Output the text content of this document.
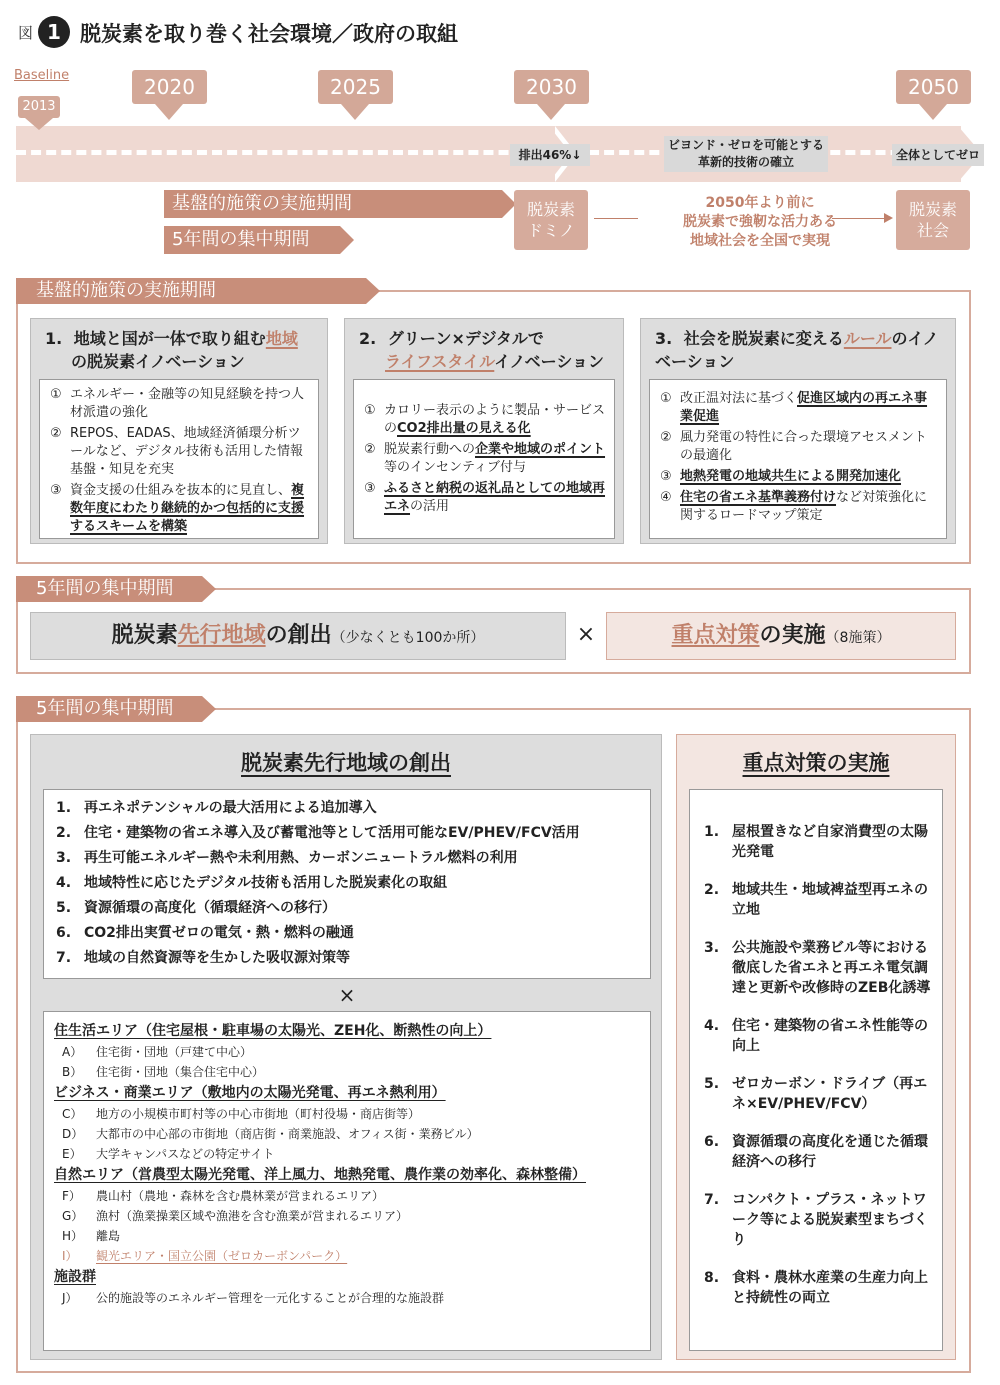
図 1 脱炭素を取り巻く社会環境／政府の取組
Baseline
2013
2020	2025	2030	2050
排出46%↓
ビヨンド・ゼロを可能とする
革新的技術の確立	全体としてゼロ
基盤的施策の実施期間
5年間の集中期間
脱炭素
ドミノ
2050年より前に
脱炭素で強靭な活力ある
地域社会を全国で実現
脱炭素
社会
基盤的施策の実施期間
1. 地域と国が一体で取り組む地域
の脱炭素イノベーション
① エネルギー・金融等の知見経験を持つ人材派遣の強化
② REPOS、EADAS、地域経済循環分析ツールなど、デジタル技術も活用した情報基盤・知見を充実
③ 資金支援の仕組みを抜本的に見直し、複数年度にわたり継続的かつ包括的に支援するスキームを構築
2. グリーン×デジタルで
ライフスタイルイノベーション
① カロリー表示のように製品・サービスのCO2排出量の見える化
② 脱炭素行動への企業や地域のポイント等のインセンティブ付与
③ ふるさと納税の返礼品としての地域再エネの活用
3. 社会を脱炭素に変えるルールのイノベーション
① 改正温対法に基づく促進区域内の再エネ事業促進
② 風力発電の特性に合った環境アセスメントの最適化
③ 地熱発電の地域共生による開発加速化
④ 住宅の省エネ基準義務付けなど対策強化に関するロードマップ策定
5年間の集中期間
脱炭素先行地域の創出（少なくとも100か所）	×	重点対策の実施（8施策）
5年間の集中期間
脱炭素先行地域の創出
1. 再エネポテンシャルの最大活用による追加導入
2. 住宅・建築物の省エネ導入及び蓄電池等として活用可能なEV/PHEV/FCV活用
3. 再生可能エネルギー熱や未利用熱、カーボンニュートラル燃料の利用
4. 地域特性に応じたデジタル技術も活用した脱炭素化の取組
5. 資源循環の高度化（循環経済への移行）
6. CO2排出実質ゼロの電気・熱・燃料の融通
7. 地域の自然資源等を生かした吸収源対策等
×
住生活エリア（住宅屋根・駐車場の太陽光、ZEH化、断熱性の向上）
A）	住宅街・団地（戸建て中心）
B）	住宅街・団地（集合住宅中心）
ビジネス・商業エリア（敷地内の太陽光発電、再エネ熱利用）
C）	地方の小規模市町村等の中心市街地（町村役場・商店街等）
D）	大都市の中心部の市街地（商店街・商業施設、オフィス街・業務ビル）
E）	大学キャンパスなどの特定サイト
自然エリア（営農型太陽光発電、洋上風力、地熱発電、農作業の効率化、森林整備）
F）	農山村（農地・森林を含む農林業が営まれるエリア）
G）	漁村（漁業操業区域や漁港を含む漁業が営まれるエリア）
H）	離島
I）	観光エリア・国立公園（ゼロカーボンパーク）
施設群
J）	公的施設等のエネルギー管理を一元化することが合理的な施設群
重点対策の実施
1. 屋根置きなど自家消費型の太陽光発電
2. 地域共生・地域裨益型再エネの立地
3. 公共施設や業務ビル等における徹底した省エネと再エネ電気調達と更新や改修時のZEB化誘導
4. 住宅・建築物の省エネ性能等の向上
5. ゼロカーボン・ドライブ（再エネ×EV/PHEV/FCV）
6. 資源循環の高度化を通じた循環経済への移行
7. コンパクト・プラス・ネットワーク等による脱炭素型まちづくり
8. 食料・農林水産業の生産力向上と持続性の両立
